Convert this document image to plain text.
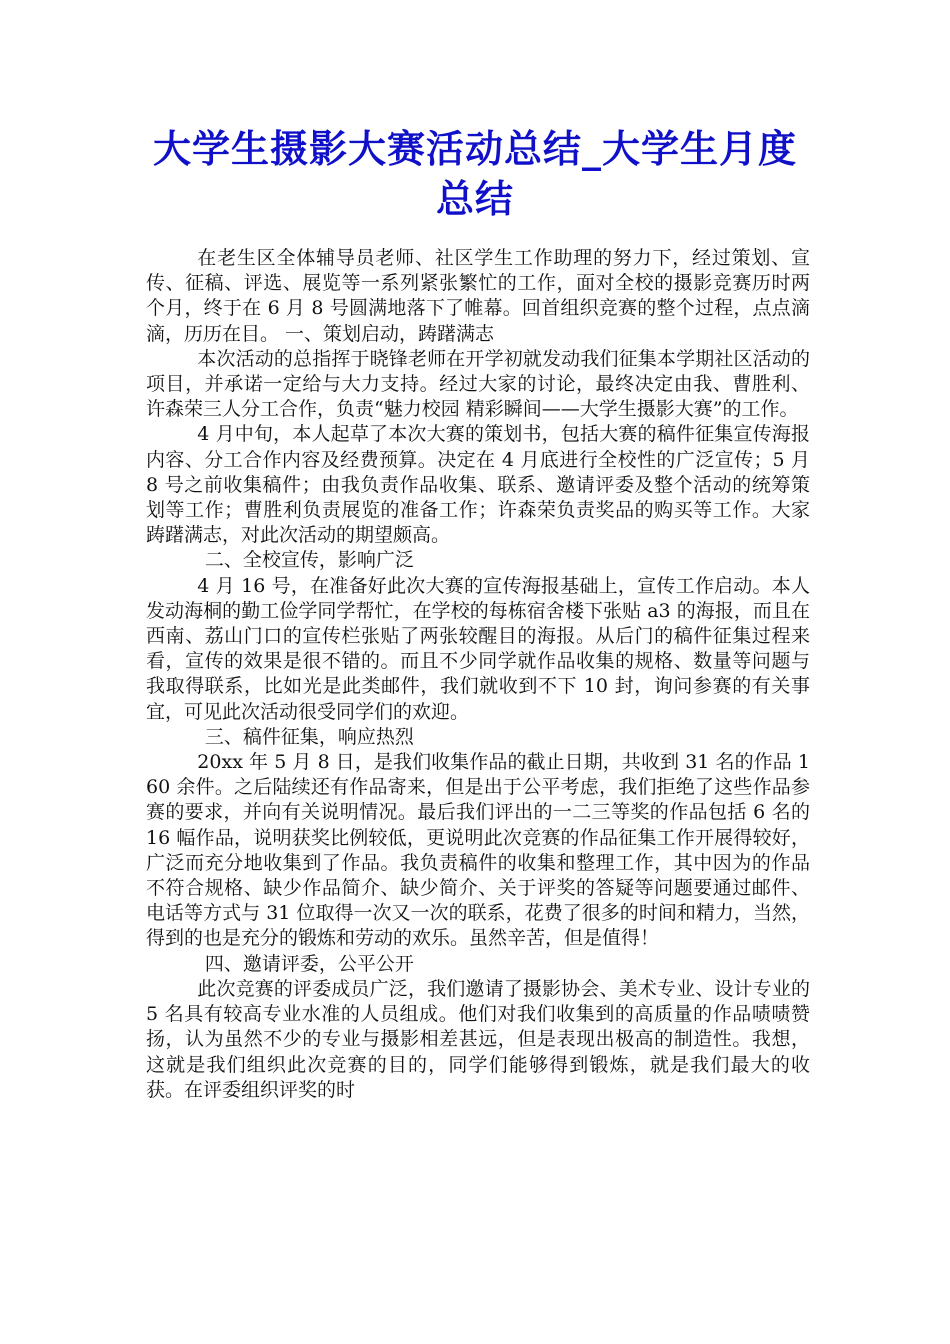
大学生摄影大赛活动总结_大学生月度总结

在老生区全体辅导员老师、社区学生工作助理的努力下，经过策划、宣传、征稿、评选、展览等一系列紧张繁忙的工作，面对全校的摄影竞赛历时两个月，终于在 6 月 8 号圆满地落下了帷幕。回首组织竞赛的整个过程，点点滴滴，历历在目。 一、策划启动，踌躇满志

本次活动的总指挥于晓锋老师在开学初就发动我们征集本学期社区活动的项目，并承诺一定给与大力支持。经过大家的讨论，最终决定由我、曹胜利、许森荣三人分工合作，负责“魅力校园 精彩瞬间——大学生摄影大赛”的工作。

4 月中旬，本人起草了本次大赛的策划书，包括大赛的稿件征集宣传海报内容、分工合作内容及经费预算。决定在 4 月底进行全校性的广泛宣传；5 月 8 号之前收集稿件；由我负责作品收集、联系、邀请评委及整个活动的统筹策划等工作；曹胜利负责展览的准备工作；许森荣负责奖品的购买等工作。大家踌躇满志，对此次活动的期望颇高。

二、全校宣传，影响广泛

4 月 16 号，在准备好此次大赛的宣传海报基础上，宣传工作启动。本人发动海桐的勤工俭学同学帮忙，在学校的每栋宿舍楼下张贴 a3 的海报，而且在西南、荔山门口的宣传栏张贴了两张较醒目的海报。从后门的稿件征集过程来看，宣传的效果是很不错的。而且不少同学就作品收集的规格、数量等问题与我取得联系，比如光是此类邮件，我们就收到不下 10 封，询问参赛的有关事宜，可见此次活动很受同学们的欢迎。

三、稿件征集，响应热烈

20xx 年 5 月 8 日，是我们收集作品的截止日期，共收到 31 名的作品 160 余件。之后陆续还有作品寄来，但是出于公平考虑，我们拒绝了这些作品参赛的要求，并向有关说明情况。最后我们评出的一二三等奖的作品包括 6 名的 16 幅作品，说明获奖比例较低，更说明此次竞赛的作品征集工作开展得较好，广泛而充分地收集到了作品。我负责稿件的收集和整理工作，其中因为的作品不符合规格、缺少作品简介、缺少简介、关于评奖的答疑等问题要通过邮件、电话等方式与 31 位取得一次又一次的联系，花费了很多的时间和精力，当然，得到的也是充分的锻炼和劳动的欢乐。虽然辛苦，但是值得！

四、邀请评委，公平公开

此次竞赛的评委成员广泛，我们邀请了摄影协会、美术专业、设计专业的 5 名具有较高专业水准的人员组成。他们对我们收集到的高质量的作品啧啧赞扬，认为虽然不少的专业与摄影相差甚远，但是表现出极高的制造性。我想，这就是我们组织此次竞赛的目的，同学们能够得到锻炼，就是我们最大的收获。在评委组织评奖的时
